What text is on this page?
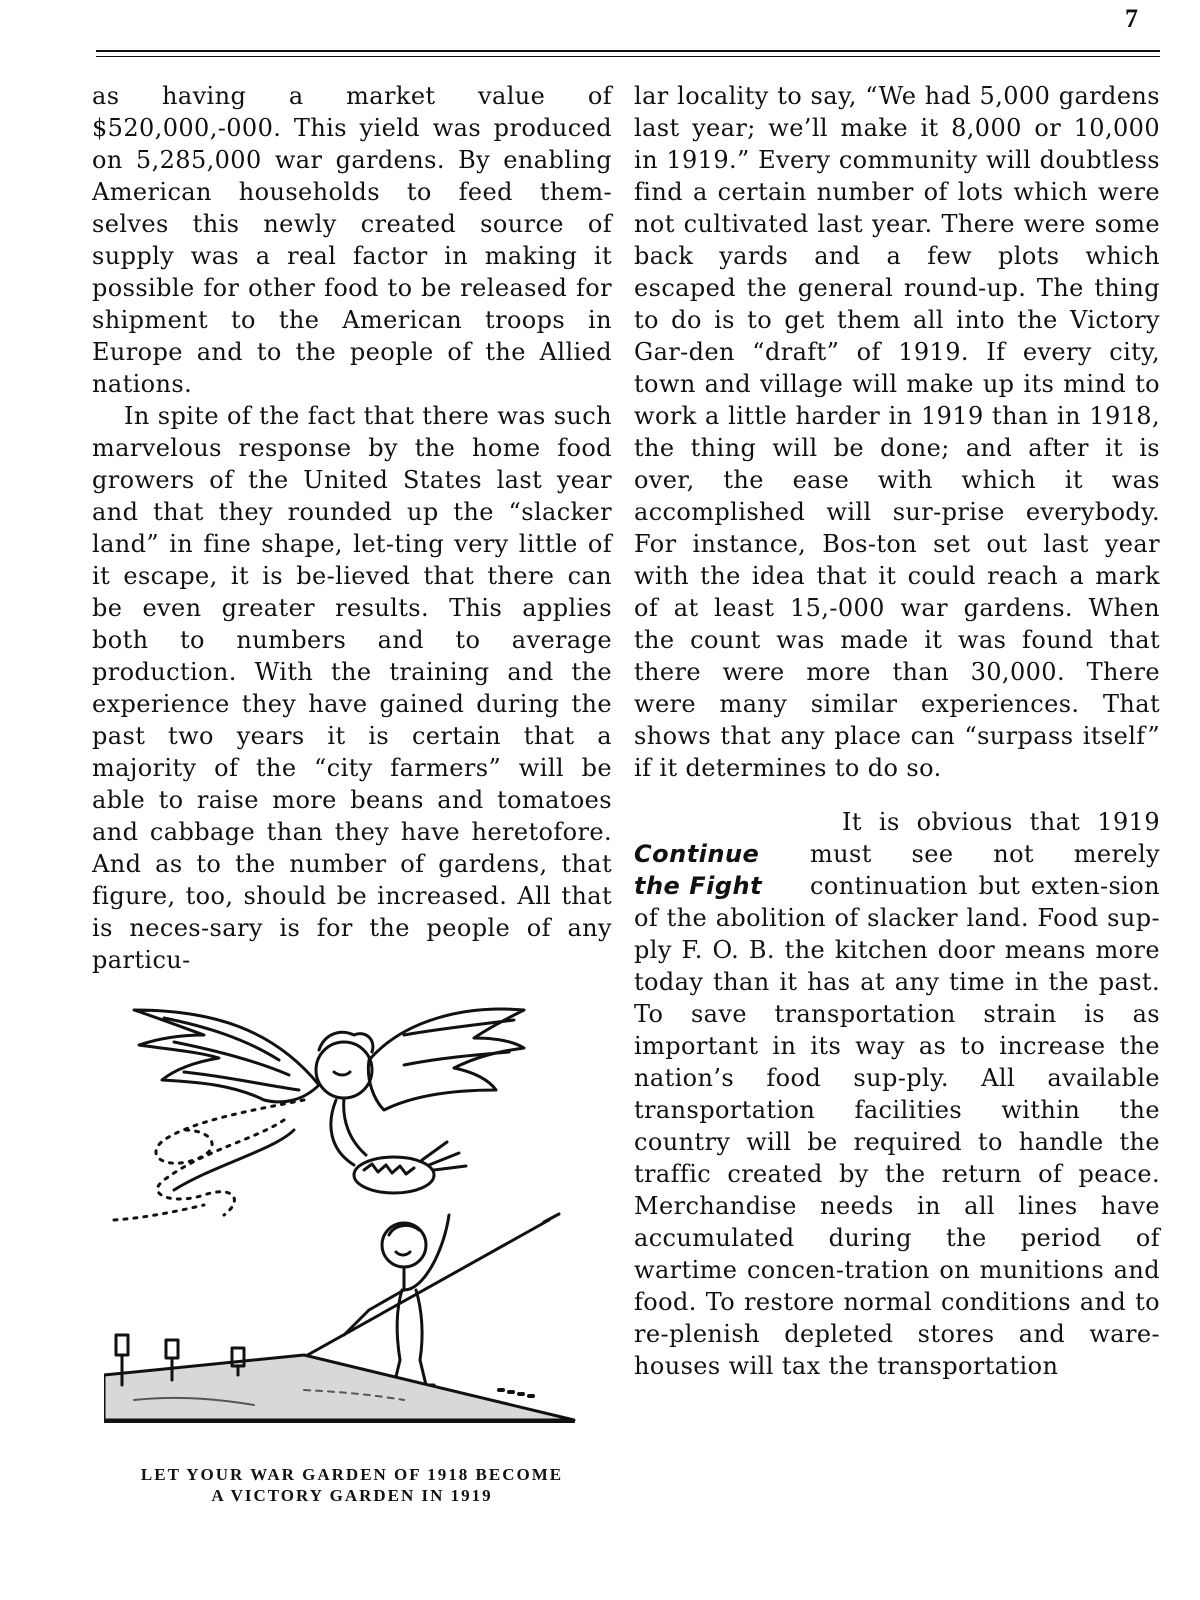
7

as having a market value of $520,000,-000. This yield was produced on 5,285,000 war gardens. By enabling American households to feed them-selves this newly created source of supply was a real factor in making it possible for other food to be released for shipment to the American troops in Europe and to the people of the Allied nations.

In spite of the fact that there was such marvelous response by the home food growers of the United States last year and that they rounded up the “slacker land” in fine shape, let-ting very little of it escape, it is be-lieved that there can be even greater results. This applies both to numbers and to average production. With the training and the experience they have gained during the past two years it is certain that a majority of the “city farmers” will be able to raise more beans and tomatoes and cabbage than they have heretofore. And as to the number of gardens, that figure, too, should be increased. All that is neces-sary is for the people of any particu-

LET YOUR WAR GARDEN OF 1918 BECOME
A VICTORY GARDEN IN 1919

lar locality to say, “We had 5,000 gardens last year; we’ll make it 8,000 or 10,000 in 1919.” Every community will doubtless find a certain number of lots which were not cultivated last year. There were some back yards and a few plots which escaped the general round-up. The thing to do is to get them all into the Victory Gar-den “draft” of 1919. If every city, town and village will make up its mind to work a little harder in 1919 than in 1918, the thing will be done; and after it is over, the ease with which it was accomplished will sur-prise everybody. For instance, Bos-ton set out last year with the idea that it could reach a mark of at least 15,-000 war gardens. When the count was made it was found that there were more than 30,000. There were many similar experiences. That shows that any place can “surpass itself” if it determines to do so.

Continue
the Fight

It is obvious that 1919 must see not merely continuation but exten-sion of the abolition of slacker land. Food sup-ply F. O. B. the kitchen door means more today than it has at any time in the past. To save transportation strain is as important in its way as to increase the nation’s food sup-ply. All available transportation facilities within the country will be required to handle the traffic created by the return of peace. Merchandise needs in all lines have accumulated during the period of wartime concen-tration on munitions and food. To restore normal conditions and to re-plenish depleted stores and ware-houses will tax the transportation
